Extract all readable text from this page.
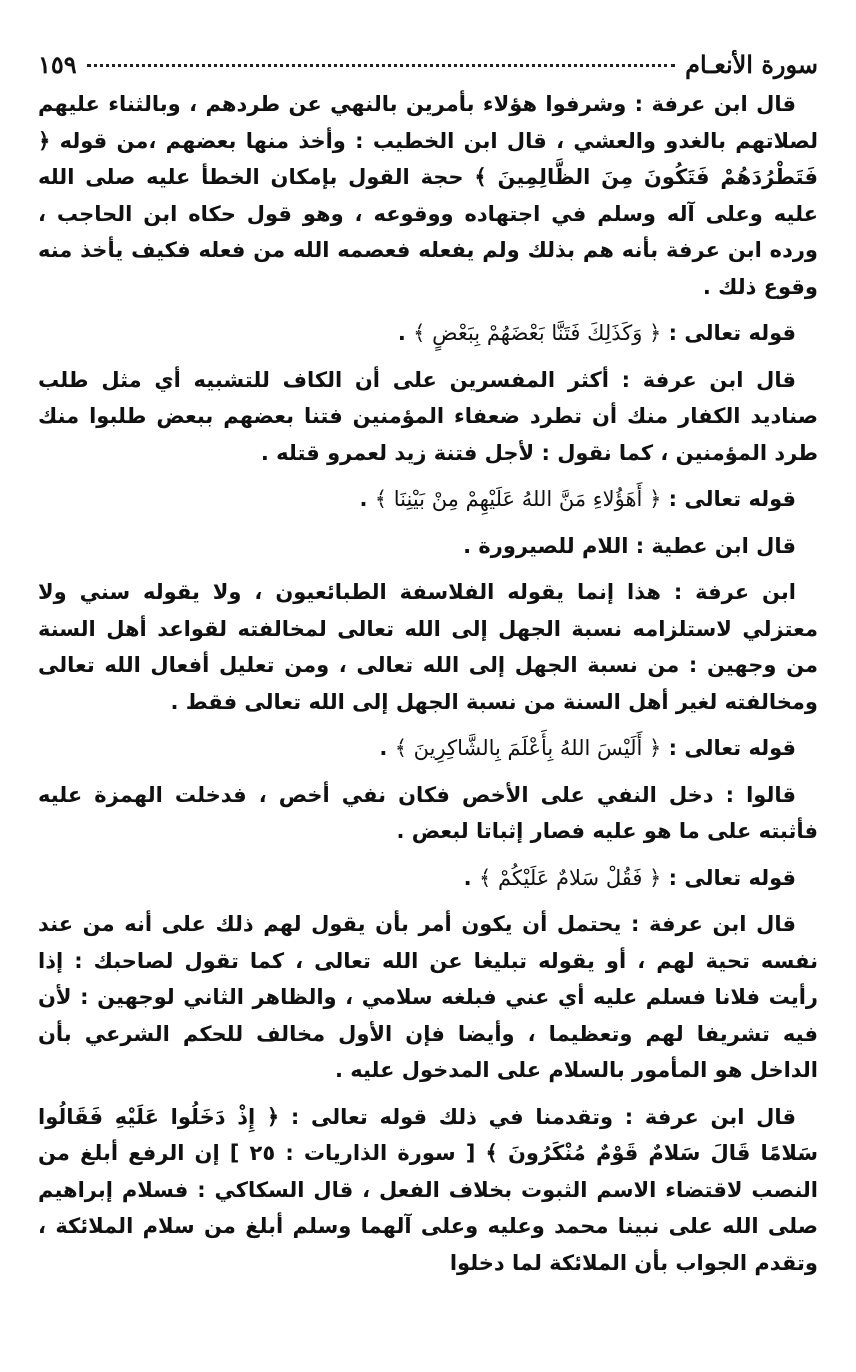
سورة الأنعـام
١٥٩

قال ابن عرفة : وشرفوا هؤلاء بأمرين بالنهي عن طردهم ، وبالثناء عليهم لصلاتهم بالغدو والعشي ، قال ابن الخطيب : وأخذ منها بعضهم ،من قوله ﴿ فَتَطْرُدَهُمْ فَتَكُونَ مِنَ الظَّالِمِينَ ﴾ حجة القول بإمكان الخطأ عليه صلى الله عليه وعلى آله وسلم في اجتهاده ووقوعه ، وهو قول حكاه ابن الحاجب ، ورده ابن عرفة بأنه هم بذلك ولم يفعله فعصمه الله من فعله فكيف يأخذ منه وقوع ذلك .

قوله تعالى : ﴿ وَكَذَلِكَ فَتَنَّا بَعْضَهُمْ بِبَعْضٍ ﴾ .

قال ابن عرفة : أكثر المفسرين على أن الكاف للتشبيه أي مثل طلب صناديد الكفار منك أن تطرد ضعفاء المؤمنين فتنا بعضهم ببعض طلبوا منك طرد المؤمنين ، كما نقول : لأجل فتنة زيد لعمرو قتله .

قوله تعالى : ﴿ أَهَؤُلاءِ مَنَّ اللهُ عَلَيْهِمْ مِنْ بَيْنِنَا ﴾ .

قال ابن عطية : اللام للصيرورة .

ابن عرفة : هذا إنما يقوله الفلاسفة الطبائعيون ، ولا يقوله سني ولا معتزلي لاستلزامه نسبة الجهل إلى الله تعالى لمخالفته لقواعد أهل السنة من وجهين : من نسبة الجهل إلى الله تعالى ، ومن تعليل أفعال الله تعالى ومخالفته لغير أهل السنة من نسبة الجهل إلى الله تعالى فقط .

قوله تعالى : ﴿ أَلَيْسَ اللهُ بِأَعْلَمَ بِالشَّاكِرِينَ ﴾ .

قالوا : دخل النفي على الأخص فكان نفي أخص ، فدخلت الهمزة عليه فأثبته على ما هو عليه فصار إثباتا لبعض .

قوله تعالى : ﴿ فَقُلْ سَلامٌ عَلَيْكُمْ ﴾ .

قال ابن عرفة : يحتمل أن يكون أمر بأن يقول لهم ذلك على أنه من عند نفسه تحية لهم ، أو يقوله تبليغا عن الله تعالى ، كما تقول لصاحبك : إذا رأيت فلانا فسلم عليه أي عني فبلغه سلامي ، والظاهر الثاني لوجهين : لأن فيه تشريفا لهم وتعظيما ، وأيضا فإن الأول مخالف للحكم الشرعي بأن الداخل هو المأمور بالسلام على المدخول عليه .

قال ابن عرفة : وتقدمنا في ذلك قوله تعالى : ﴿ إِذْ دَخَلُوا عَلَيْهِ فَقَالُوا سَلامًا قَالَ سَلامٌ قَوْمٌ مُنْكَرُونَ ﴾ [ سورة الذاريات : ٢٥ ] إن الرفع أبلغ من النصب لاقتضاء الاسم الثبوت بخلاف الفعل ، قال السكاكي : فسلام إبراهيم صلى الله على نبينا محمد وعليه وعلى آلهما وسلم أبلغ من سلام الملائكة ، وتقدم الجواب بأن الملائكة لما دخلوا
